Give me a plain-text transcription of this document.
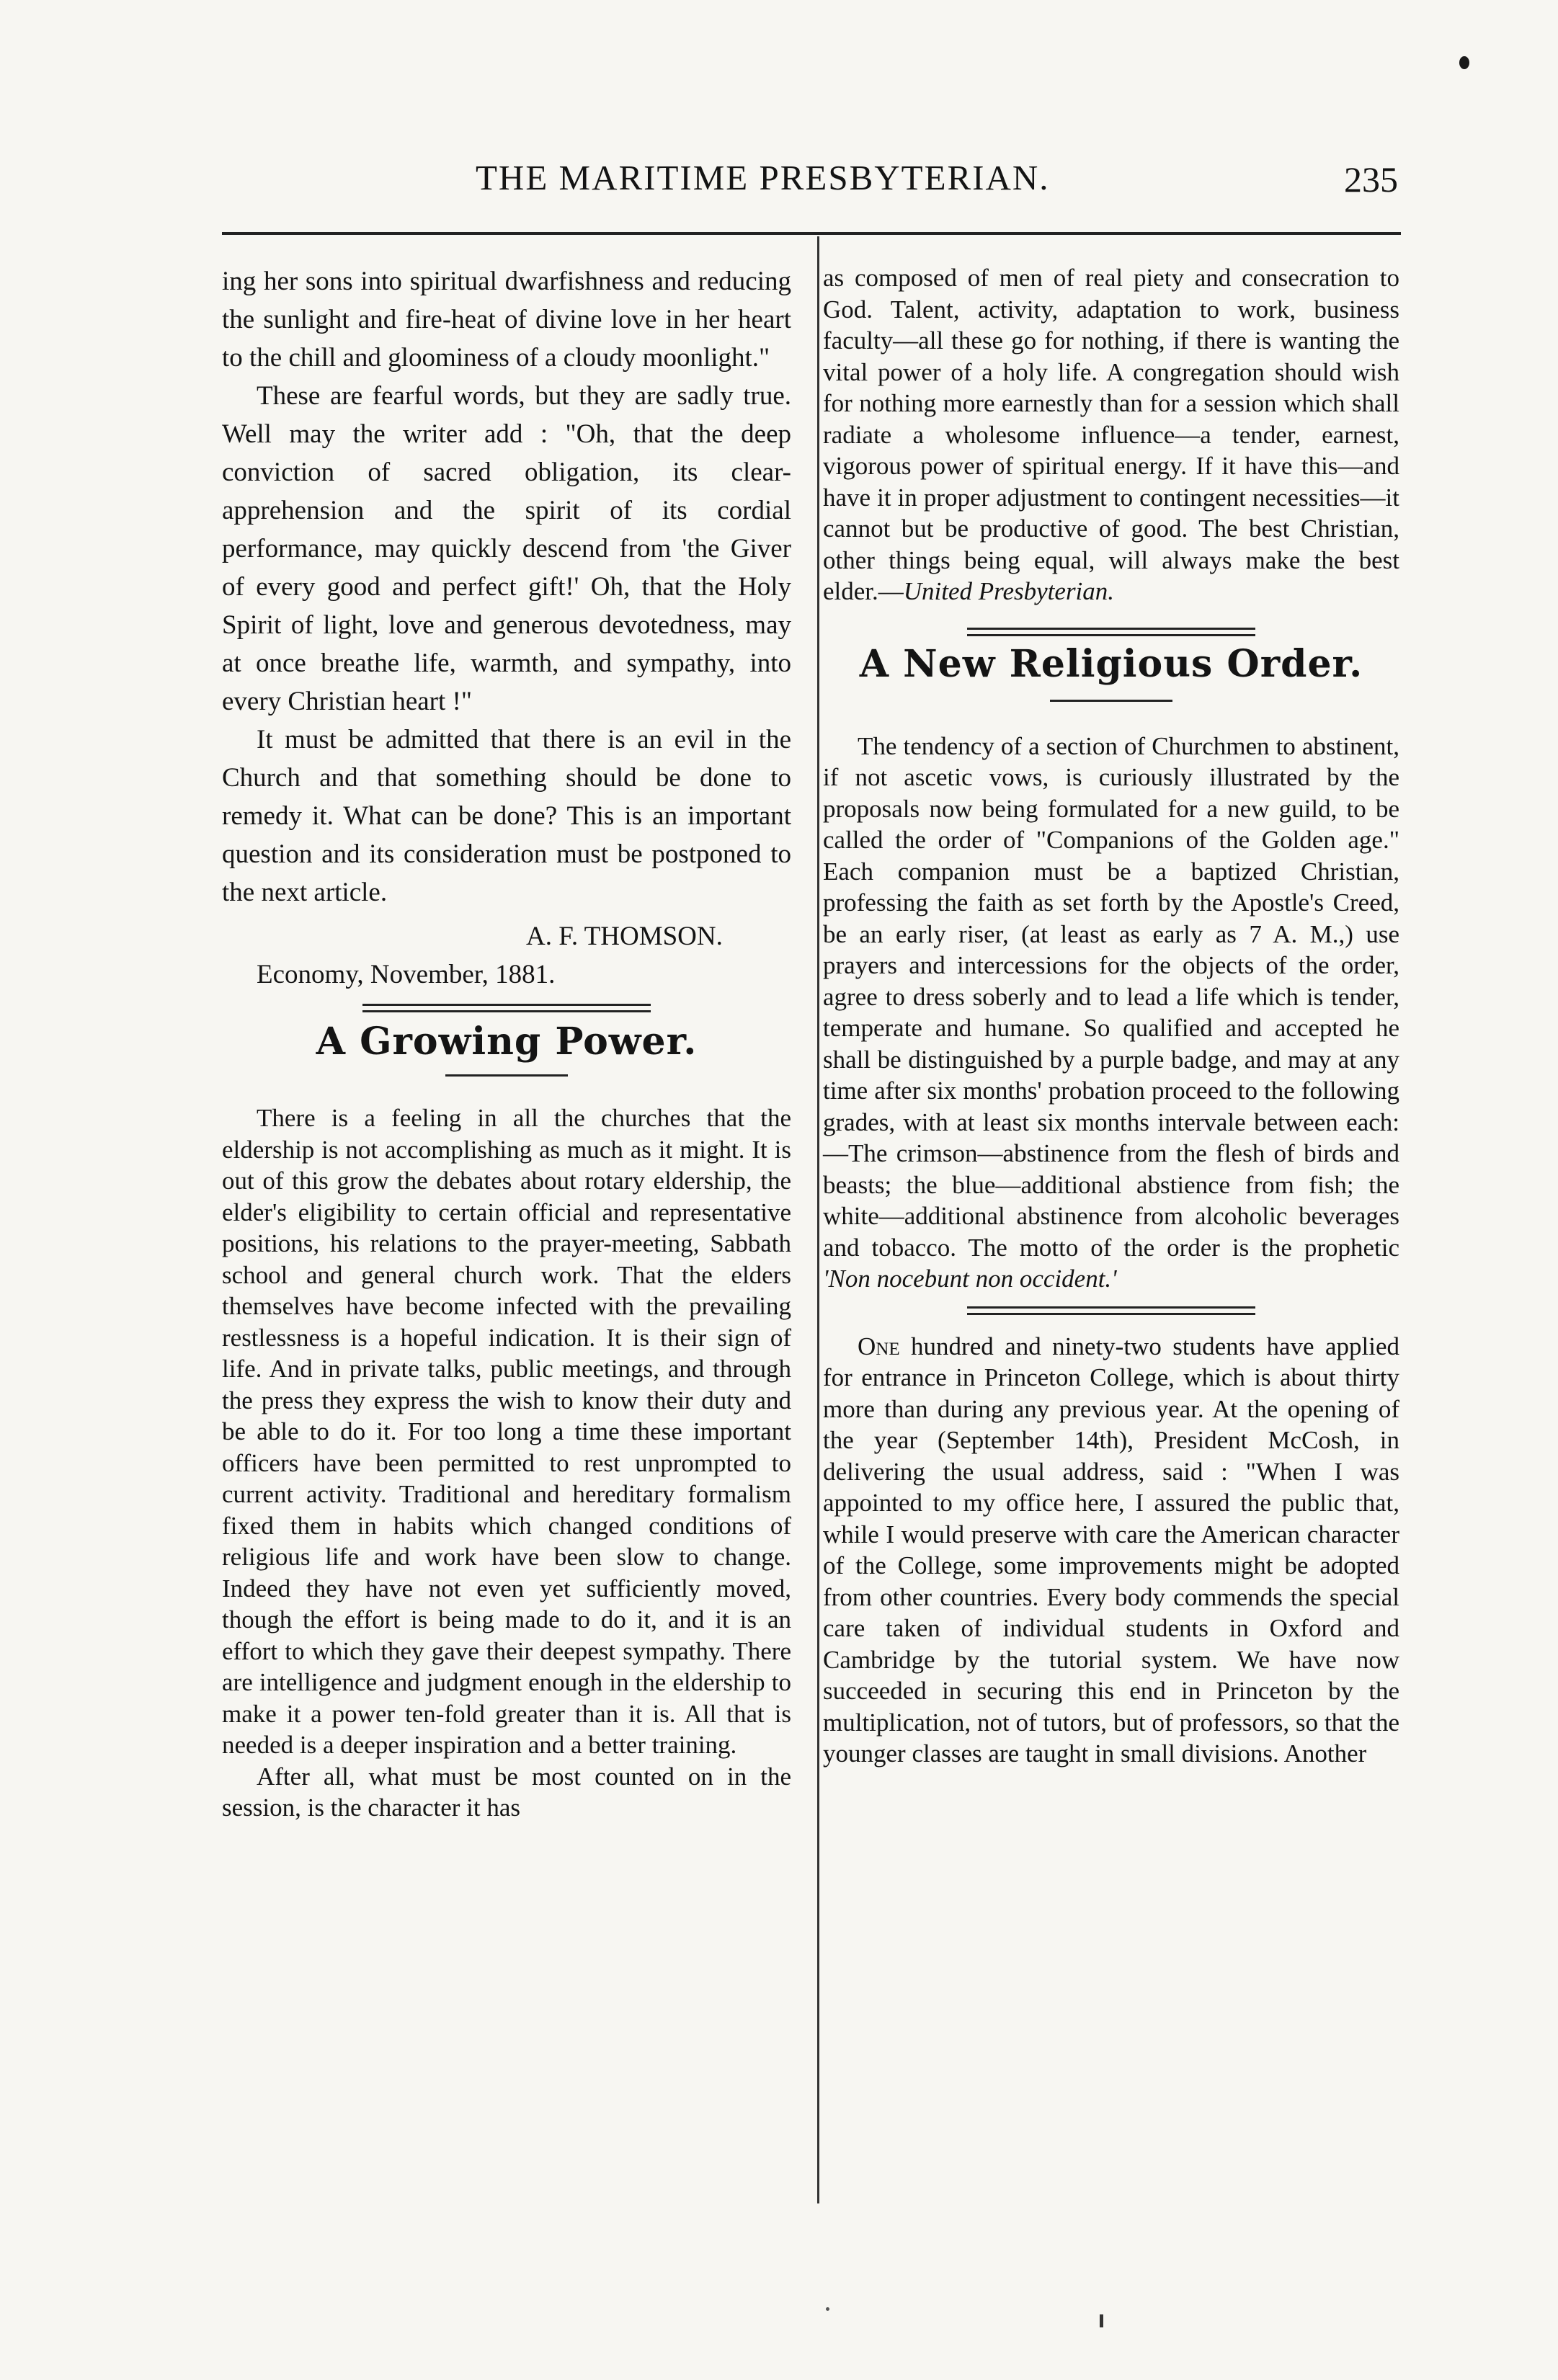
THE MARITIME PRESBYTERIAN.	235

ing her sons into spiritual dwarfishness and reducing the sunlight and fire-heat of divine love in her heart to the chill and gloominess of a cloudy moonlight."

These are fearful words, but they are sadly true. Well may the writer add : "Oh, that the deep conviction of sacred obligation, its clear-apprehension and the spirit of its cordial performance, may quickly descend from 'the Giver of every good and perfect gift!' Oh, that the Holy Spirit of light, love and generous devotedness, may at once breathe life, warmth, and sympathy, into every Christian heart !"

It must be admitted that there is an evil in the Church and that something should be done to remedy it. What can be done? This is an important question and its consideration must be postponed to the next article.

A. F. THOMSON.

Economy, November, 1881.

A Growing Power.

There is a feeling in all the churches that the eldership is not accomplishing as much as it might. It is out of this grow the debates about rotary eldership, the elder's eligibility to certain official and representative positions, his relations to the prayer-meeting, Sabbath school and general church work. That the elders themselves have become infected with the prevailing restlessness is a hopeful indication. It is their sign of life. And in private talks, public meetings, and through the press they express the wish to know their duty and be able to do it. For too long a time these important officers have been permitted to rest unprompted to current activity. Traditional and hereditary formalism fixed them in habits which changed conditions of religious life and work have been slow to change. Indeed they have not even yet sufficiently moved, though the effort is being made to do it, and it is an effort to which they gave their deepest sympathy. There are intelligence and judgment enough in the eldership to make it a power ten-fold greater than it is. All that is needed is a deeper inspiration and a better training.

After all, what must be most counted on in the session, is the character it has

as composed of men of real piety and consecration to God. Talent, activity, adaptation to work, business faculty—all these go for nothing, if there is wanting the vital power of a holy life. A congregation should wish for nothing more earnestly than for a session which shall radiate a wholesome influence—a tender, earnest, vigorous power of spiritual energy. If it have this—and have it in proper adjustment to contingent necessities—it cannot but be productive of good. The best Christian, other things being equal, will always make the best elder.—United Presbyterian.

A New Religious Order.

The tendency of a section of Churchmen to abstinent, if not ascetic vows, is curiously illustrated by the proposals now being formulated for a new guild, to be called the order of "Companions of the Golden age." Each companion must be a baptized Christian, professing the faith as set forth by the Apostle's Creed, be an early riser, (at least as early as 7 A. M.,) use prayers and intercessions for the objects of the order, agree to dress soberly and to lead a life which is tender, temperate and humane. So qualified and accepted he shall be distinguished by a purple badge, and may at any time after six months' probation proceed to the following grades, with at least six months intervale between each:—The crimson—abstinence from the flesh of birds and beasts; the blue—additional abstience from fish; the white—additional abstinence from alcoholic beverages and tobacco. The motto of the order is the prophetic 'Non nocebunt non occident.'

One hundred and ninety-two students have applied for entrance in Princeton College, which is about thirty more than during any previous year. At the opening of the year (September 14th), President McCosh, in delivering the usual address, said : "When I was appointed to my office here, I assured the public that, while I would preserve with care the American character of the College, some improvements might be adopted from other countries. Every body commends the special care taken of individual students in Oxford and Cambridge by the tutorial system. We have now succeeded in securing this end in Princeton by the multiplication, not of tutors, but of professors, so that the younger classes are taught in small divisions. Another
